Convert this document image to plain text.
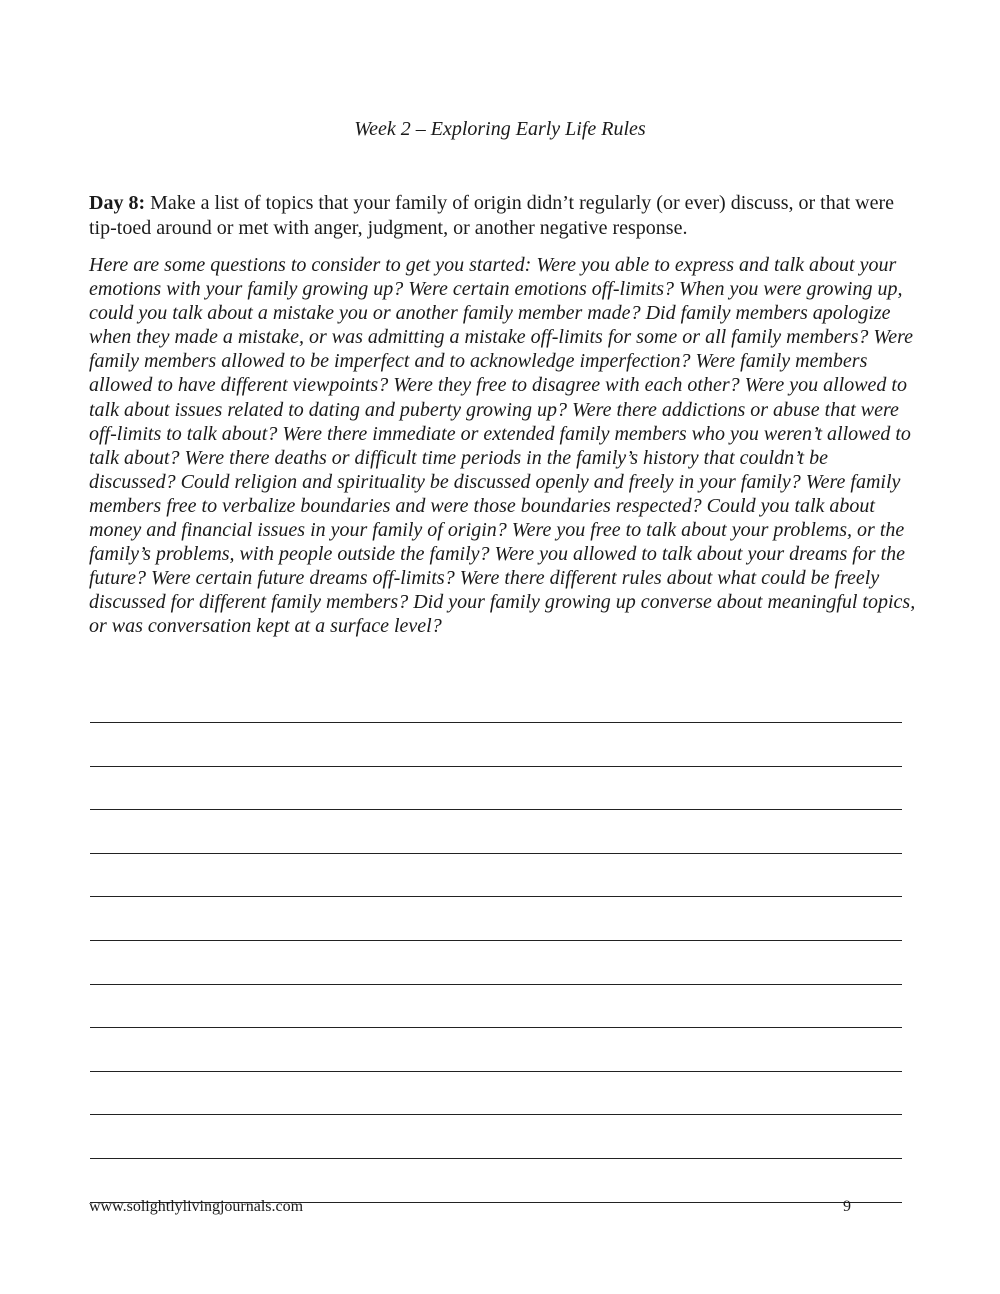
Week 2 – Exploring Early Life Rules

Day 8: Make a list of topics that your family of origin didn’t regularly (or ever) discuss, or that were tip-toed around or met with anger, judgment, or another negative response.

Here are some questions to consider to get you started: Were you able to express and talk about your emotions with your family growing up? Were certain emotions off-limits? When you were growing up, could you talk about a mistake you or another family member made? Did family members apologize when they made a mistake, or was admitting a mistake off-limits for some or all family members? Were family members allowed to be imperfect and to acknowledge imperfection? Were family members allowed to have different viewpoints? Were they free to disagree with each other? Were you allowed to talk about issues related to dating and puberty growing up? Were there addictions or abuse that were off-limits to talk about? Were there immediate or extended family members who you weren’t allowed to talk about? Were there deaths or difficult time periods in the family’s history that couldn’t be discussed? Could religion and spirituality be discussed openly and freely in your family? Were family members free to verbalize boundaries and were those boundaries respected? Could you talk about money and financial issues in your family of origin? Were you free to talk about your problems, or the family’s problems, with people outside the family? Were you allowed to talk about your dreams for the future? Were certain future dreams off-limits? Were there different rules about what could be freely discussed for different family members? Did your family growing up converse about meaningful topics, or was conversation kept at a surface level?

www.solightlylivingjournals.com	9
